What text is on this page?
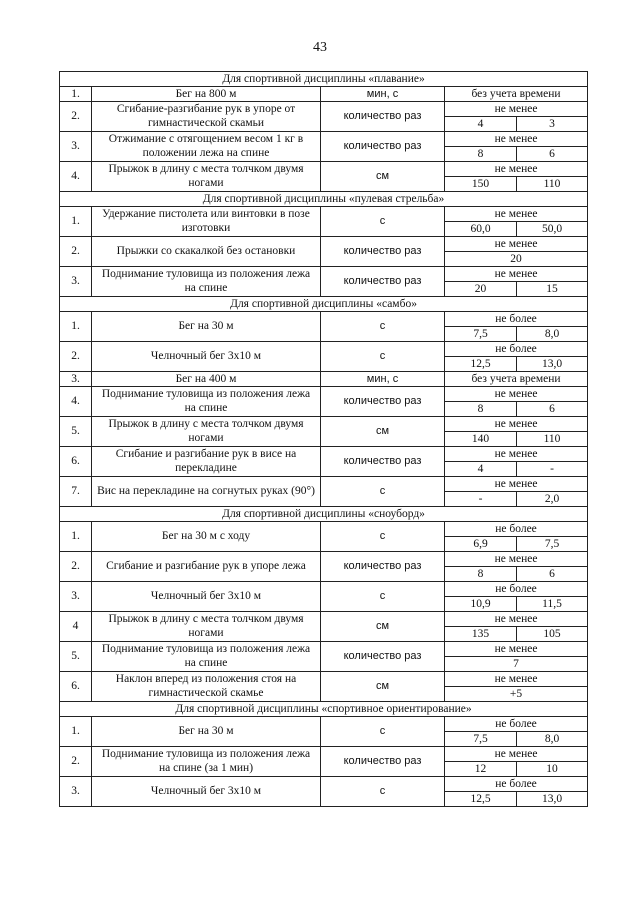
43
Для спортивной дисциплины «плавание»				
1.	Бег на 800 м	мин, с	без учета времени	
2.	Сгибание-разгибание рук в упоре от гимнастической скамьи	количество раз	не менее	
			4	3
3.	Отжимание с отягощением весом 1 кг в положении лежа на спине	количество раз	не менее	
			8	6
4.	Прыжок в длину с места толчком двумя ногами	см	не менее	
			150	110
Для спортивной дисциплины «пулевая стрельба»				
1.	Удержание пистолета или винтовки в позе изготовки	с	не менее	
			60,0	50,0
2.	Прыжки со скакалкой без остановки	количество раз	не менее	
			20	
3.	Поднимание туловища из положения лежа на спине	количество раз	не менее	
			20	15
Для спортивной дисциплины «самбо»				
1.	Бег на 30 м	с	не более	
			7,5	8,0
2.	Челночный бег 3х10 м	с	не более	
			12,5	13,0
3.	Бег на 400 м	мин, с	без учета времени	
4.	Поднимание туловища из положения лежа на спине	количество раз	не менее	
			8	6
5.	Прыжок в длину с места толчком двумя ногами	см	не менее	
			140	110
6.	Сгибание и разгибание рук в висе на перекладине	количество раз	не менее	
			4	-
7.	Вис на перекладине на согнутых руках (90°)	с	не менее	
			-	2,0
Для спортивной дисциплины «сноуборд»				
1.	Бег на 30 м с ходу	с	не более	
			6,9	7,5
2.	Сгибание и разгибание рук в упоре лежа	количество раз	не менее	
			8	6
3.	Челночный бег 3х10 м	с	не более	
			10,9	11,5
4	Прыжок в длину с места толчком двумя ногами	см	не менее	
			135	105
5.	Поднимание туловища из положения лежа на спине	количество раз	не менее	
			7	
6.	Наклон вперед из положения стоя на гимнастической скамье	см	не менее	
			+5	
Для спортивной дисциплины «спортивное ориентирование»				
1.	Бег на 30 м	с	не более	
			7,5	8,0
2.	Поднимание туловища из положения лежа на спине (за 1 мин)	количество раз	не менее	
			12	10
3.	Челночный бег 3х10 м	с	не более	
			12,5	13,0
